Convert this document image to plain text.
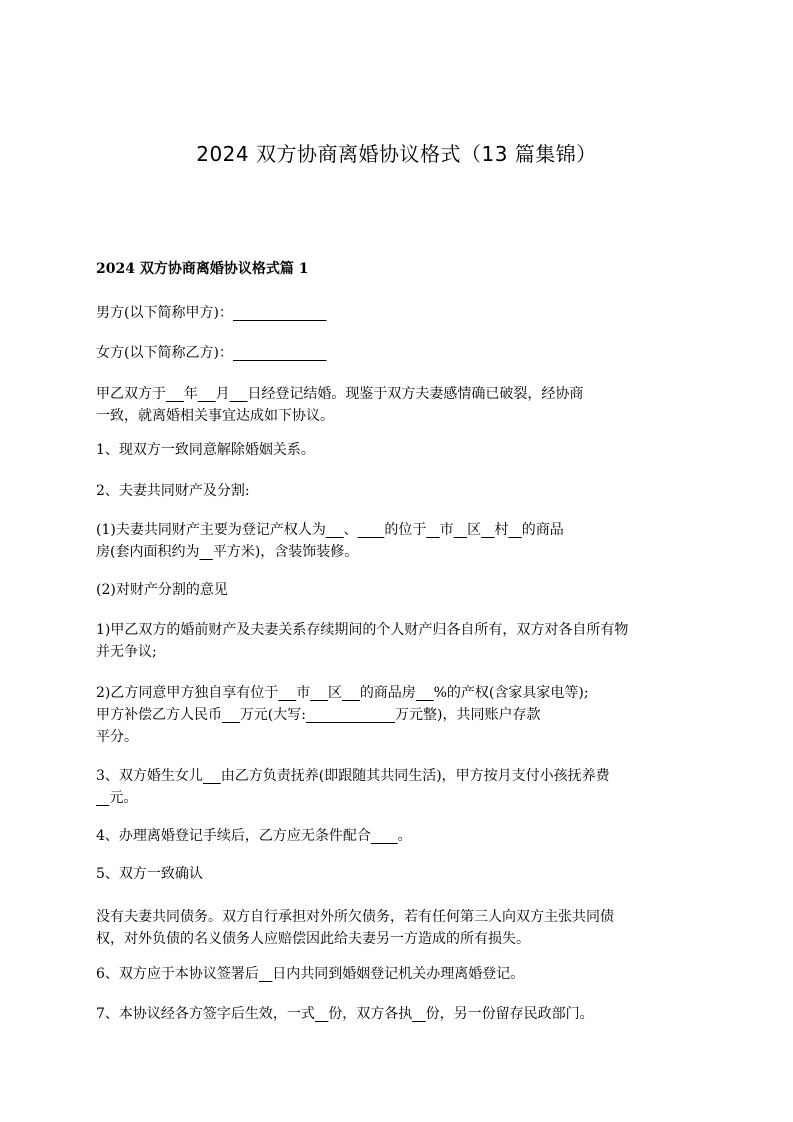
2024 双方协商离婚协议格式（13 篇集锦）
2024 双方协商离婚协议格式篇 1

男方(以下简称甲方)：

女方(以下简称乙方)：

甲乙双方于 年 月 日经登记结婚。现鉴于双方夫妻感情确已破裂，经协商
一致，就离婚相关事宜达成如下协议。

1、现双方一致同意解除婚姻关系。

2、夫妻共同财产及分割:

(1)夫妻共同财产主要为登记产权人为 、 的位于 市 区 村 的商品
房(套内面积约为 平方米)，含装饰装修。

(2)对财产分割的意见

1)甲乙双方的婚前财产及夫妻关系存续期间的个人财产归各自所有，双方对各自所有物
并无争议;

2)乙方同意甲方独自享有位于 市 区 的商品房 %的产权(含家具家电等);
甲方补偿乙方人民币 万元(大写:	万元整)，共同账户存款
平分。

3、双方婚生女儿 由乙方负责抚养(即跟随其共同生活)，甲方按月支付小孩抚养费
元。

4、办理离婚登记手续后，乙方应无条件配合 。

5、双方一致确认

没有夫妻共同债务。双方自行承担对外所欠债务，若有任何第三人向双方主张共同债
权，对外负债的名义债务人应赔偿因此给夫妻另一方造成的所有损失。

6、双方应于本协议签署后 日内共同到婚姻登记机关办理离婚登记。

7、本协议经各方签字后生效，一式 份，双方各执 份，另一份留存民政部门。
